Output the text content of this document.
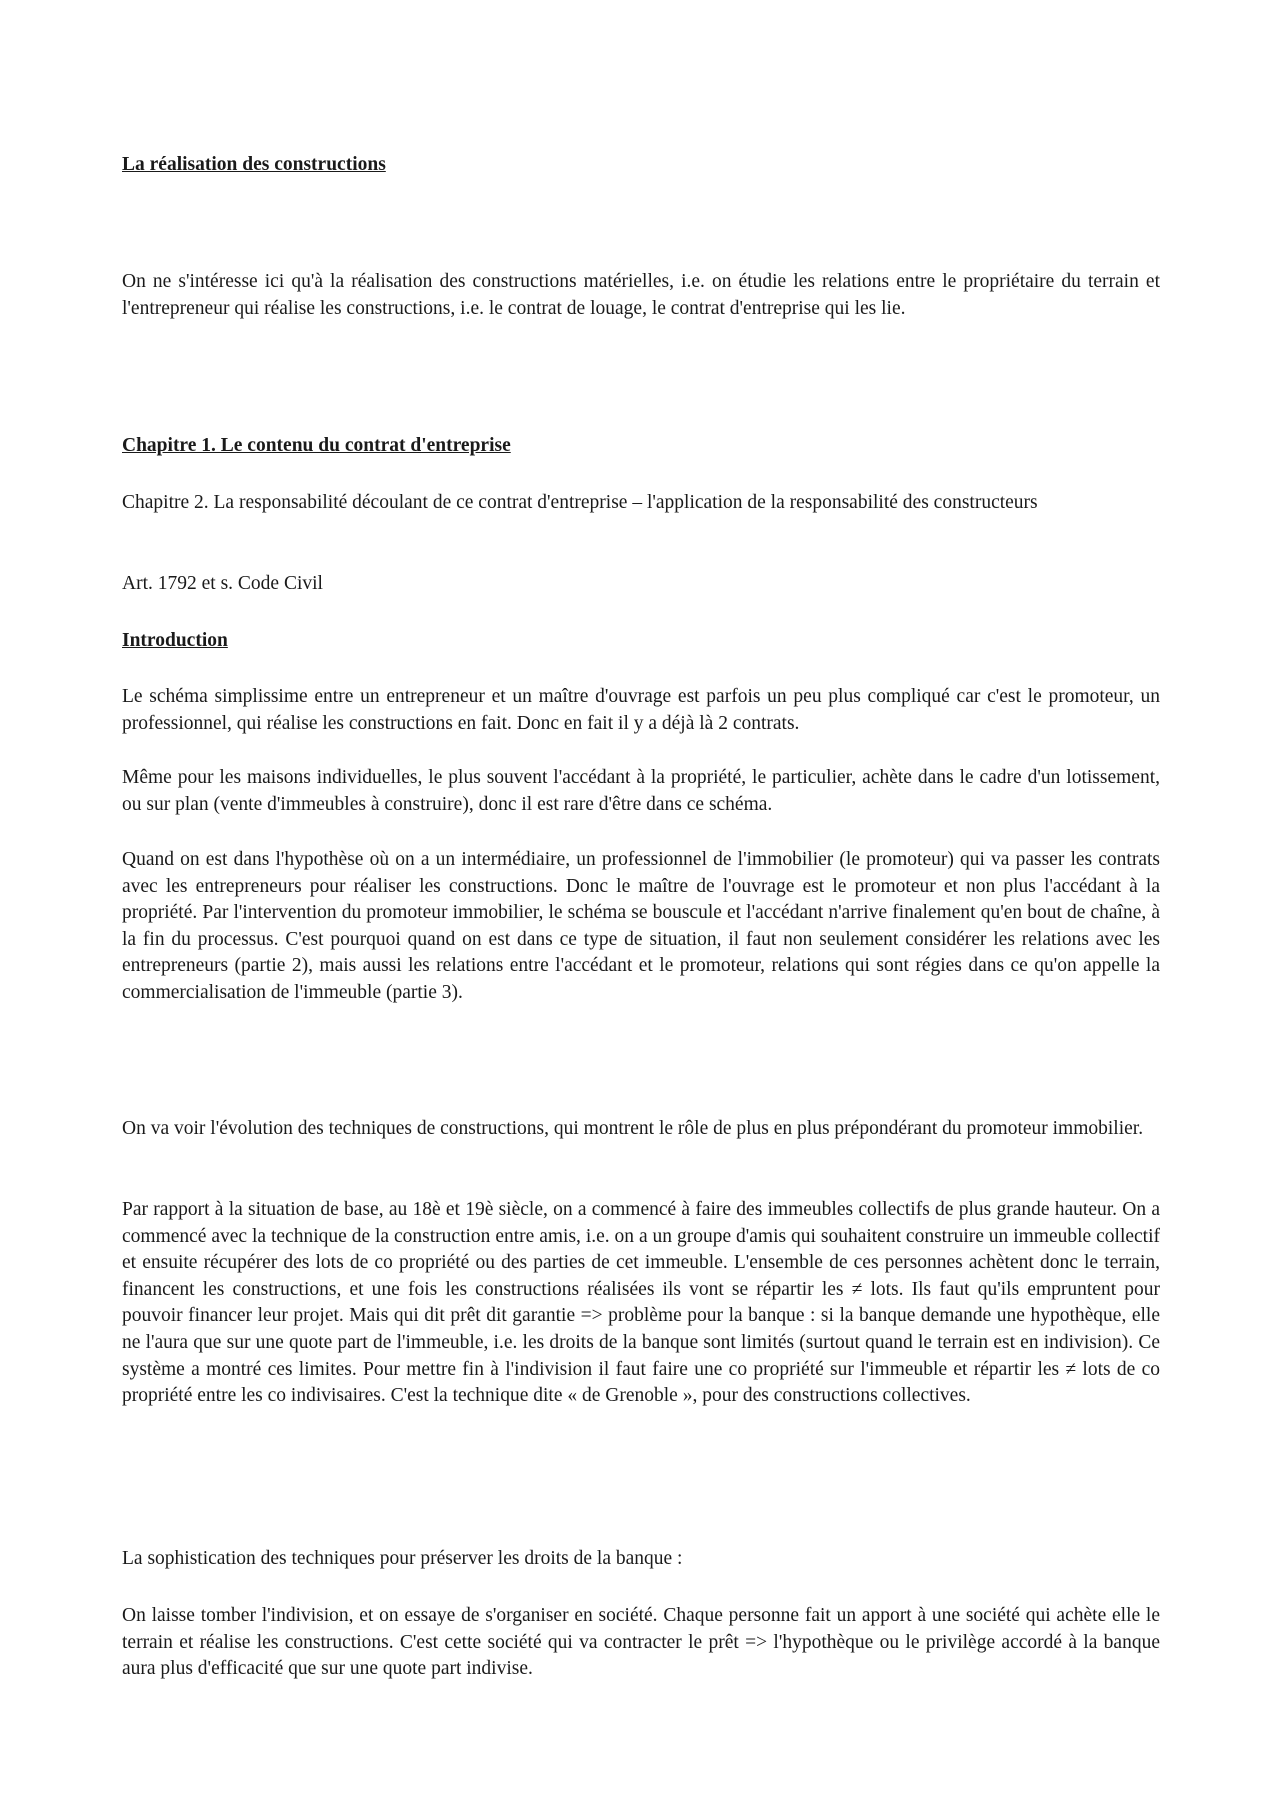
La réalisation des constructions

On ne s'intéresse ici qu'à la réalisation des constructions matérielles, i.e. on étudie les relations entre le propriétaire du terrain et l'entrepreneur qui réalise les constructions, i.e. le contrat de louage, le contrat d'entreprise qui les lie.

Chapitre 1. Le contenu du contrat d'entreprise

Chapitre 2. La responsabilité découlant de ce contrat d'entreprise – l'application de la responsabilité des constructeurs

Art. 1792 et s. Code Civil

Introduction

Le schéma simplissime entre un entrepreneur et un maître d'ouvrage est parfois un peu plus compliqué car c'est le promoteur, un professionnel, qui réalise les constructions en fait. Donc en fait il y a déjà là 2 contrats.

Même pour les maisons individuelles, le plus souvent l'accédant à la propriété, le particulier, achète dans le cadre d'un lotissement, ou sur plan (vente d'immeubles à construire), donc il est rare d'être dans ce schéma.

Quand on est dans l'hypothèse où on a un intermédiaire, un professionnel de l'immobilier (le promoteur) qui va passer les contrats avec les entrepreneurs pour réaliser les constructions. Donc le maître de l'ouvrage est le promoteur et non plus l'accédant à la propriété. Par l'intervention du promoteur immobilier, le schéma se bouscule et l'accédant n'arrive finalement qu'en bout de chaîne, à la fin du processus. C'est pourquoi quand on est dans ce type de situation, il faut non seulement considérer les relations avec les entrepreneurs (partie 2), mais aussi les relations entre l'accédant et le promoteur, relations qui sont régies dans ce qu'on appelle la commercialisation de l'immeuble (partie 3).

On va voir l'évolution des techniques de constructions, qui montrent le rôle de plus en plus prépondérant du promoteur immobilier.

Par rapport à la situation de base, au 18è et 19è siècle, on a commencé à faire des immeubles collectifs de plus grande hauteur. On a commencé avec la technique de la construction entre amis, i.e. on a un groupe d'amis qui souhaitent construire un immeuble collectif et ensuite récupérer des lots de co propriété ou des parties de cet immeuble. L'ensemble de ces personnes achètent donc le terrain, financent les constructions, et une fois les constructions réalisées ils vont se répartir les ≠ lots. Ils faut qu'ils empruntent pour pouvoir financer leur projet. Mais qui dit prêt dit garantie => problème pour la banque : si la banque demande une hypothèque, elle ne l'aura que sur une quote part de l'immeuble, i.e. les droits de la banque sont limités (surtout quand le terrain est en indivision). Ce système a montré ces limites. Pour mettre fin à l'indivision il faut faire une co propriété sur l'immeuble et répartir les ≠ lots de co propriété entre les co indivisaires. C'est la technique dite « de Grenoble », pour des constructions collectives.

La sophistication des techniques pour préserver les droits de la banque :

On laisse tomber l'indivision, et on essaye de s'organiser en société. Chaque personne fait un apport à une société qui achète elle le terrain et réalise les constructions. C'est cette société qui va contracter le prêt => l'hypothèque ou le privilège accordé à la banque aura plus d'efficacité que sur une quote part indivise.
